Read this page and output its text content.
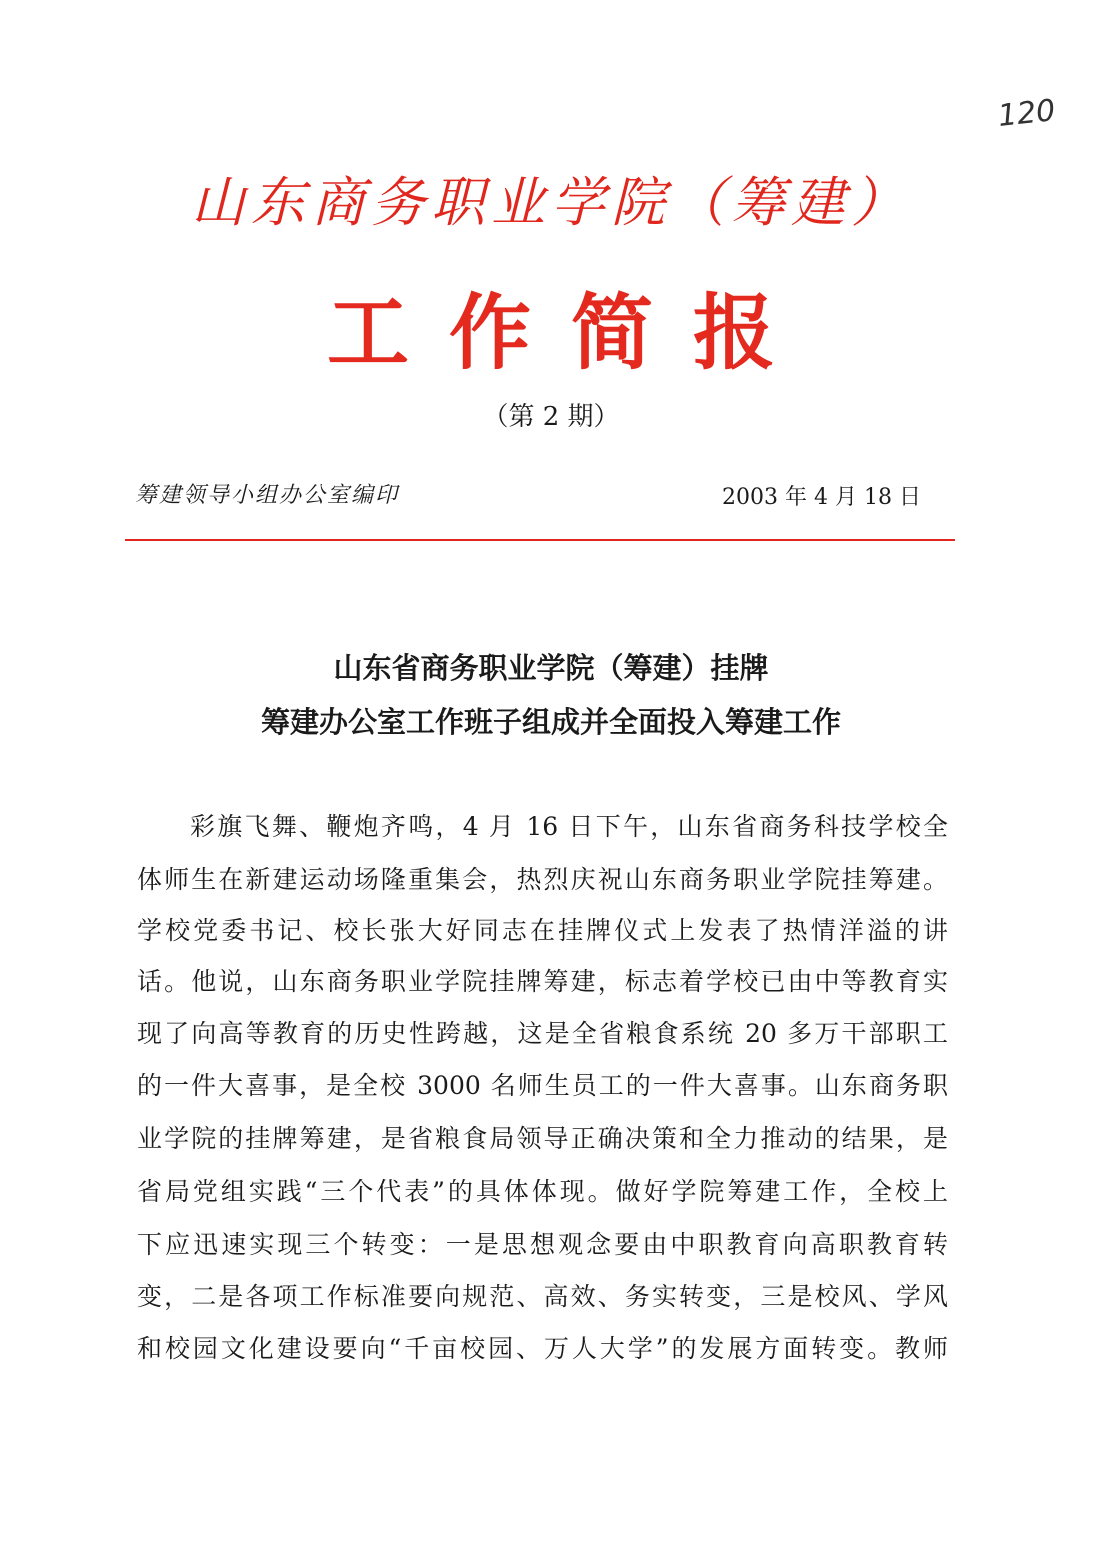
120
山东商务职业学院（筹建）
工作简报
（第 2 期）
筹建领导小组办公室编印	2003 年 4 月 18 日
山东省商务职业学院（筹建）挂牌
筹建办公室工作班子组成并全面投入筹建工作
彩旗飞舞、鞭炮齐鸣，4 月 16 日下午，山东省商务科技学校全
体师生在新建运动场隆重集会，热烈庆祝山东商务职业学院挂筹建。
学校党委书记、校长张大好同志在挂牌仪式上发表了热情洋溢的讲
话。他说，山东商务职业学院挂牌筹建，标志着学校已由中等教育实
现了向高等教育的历史性跨越，这是全省粮食系统 20 多万干部职工
的一件大喜事，是全校 3000 名师生员工的一件大喜事。山东商务职
业学院的挂牌筹建，是省粮食局领导正确决策和全力推动的结果，是
省局党组实践“三个代表”的具体体现。做好学院筹建工作，全校上
下应迅速实现三个转变：一是思想观念要由中职教育向高职教育转
变，二是各项工作标准要向规范、高效、务实转变，三是校风、学风
和校园文化建设要向“千亩校园、万人大学”的发展方面转变。教师
